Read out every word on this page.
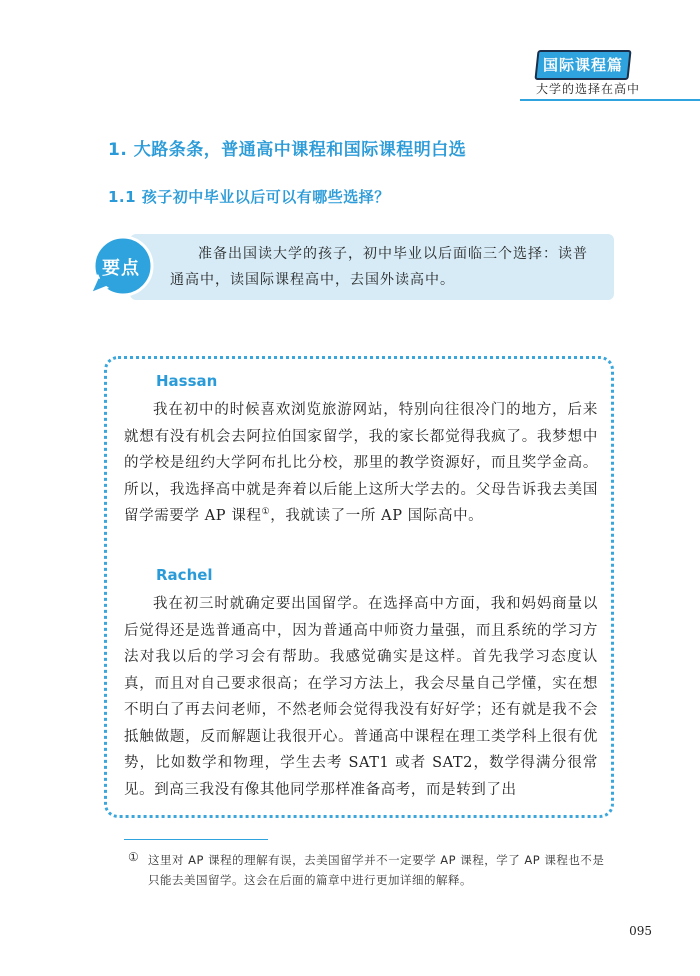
国际课程篇
大学的选择在高中
1. 大路条条，普通高中课程和国际课程明白选
1.1 孩子初中毕业以后可以有哪些选择？
准备出国读大学的孩子，初中毕业以后面临三个选择：读普通高中，读国际课程高中，去国外读高中。
要点
Hassan
我在初中的时候喜欢浏览旅游网站，特别向往很冷门的地方，后来就想有没有机会去阿拉伯国家留学，我的家长都觉得我疯了。我梦想中的学校是纽约大学阿布扎比分校，那里的教学资源好，而且奖学金高。所以，我选择高中就是奔着以后能上这所大学去的。父母告诉我去美国留学需要学 AP 课程①，我就读了一所 AP 国际高中。
Rachel
我在初三时就确定要出国留学。在选择高中方面，我和妈妈商量以后觉得还是选普通高中，因为普通高中师资力量强，而且系统的学习方法对我以后的学习会有帮助。我感觉确实是这样。首先我学习态度认真，而且对自己要求很高；在学习方法上，我会尽量自己学懂，实在想不明白了再去问老师，不然老师会觉得我没有好好学；还有就是我不会抵触做题，反而解题让我很开心。普通高中课程在理工类学科上很有优势，比如数学和物理，学生去考 SAT1 或者 SAT2，数学得满分很常见。到高三我没有像其他同学那样准备高考，而是转到了出
① 这里对 AP 课程的理解有误，去美国留学并不一定要学 AP 课程，学了 AP 课程也不是只能去美国留学。这会在后面的篇章中进行更加详细的解释。
095
